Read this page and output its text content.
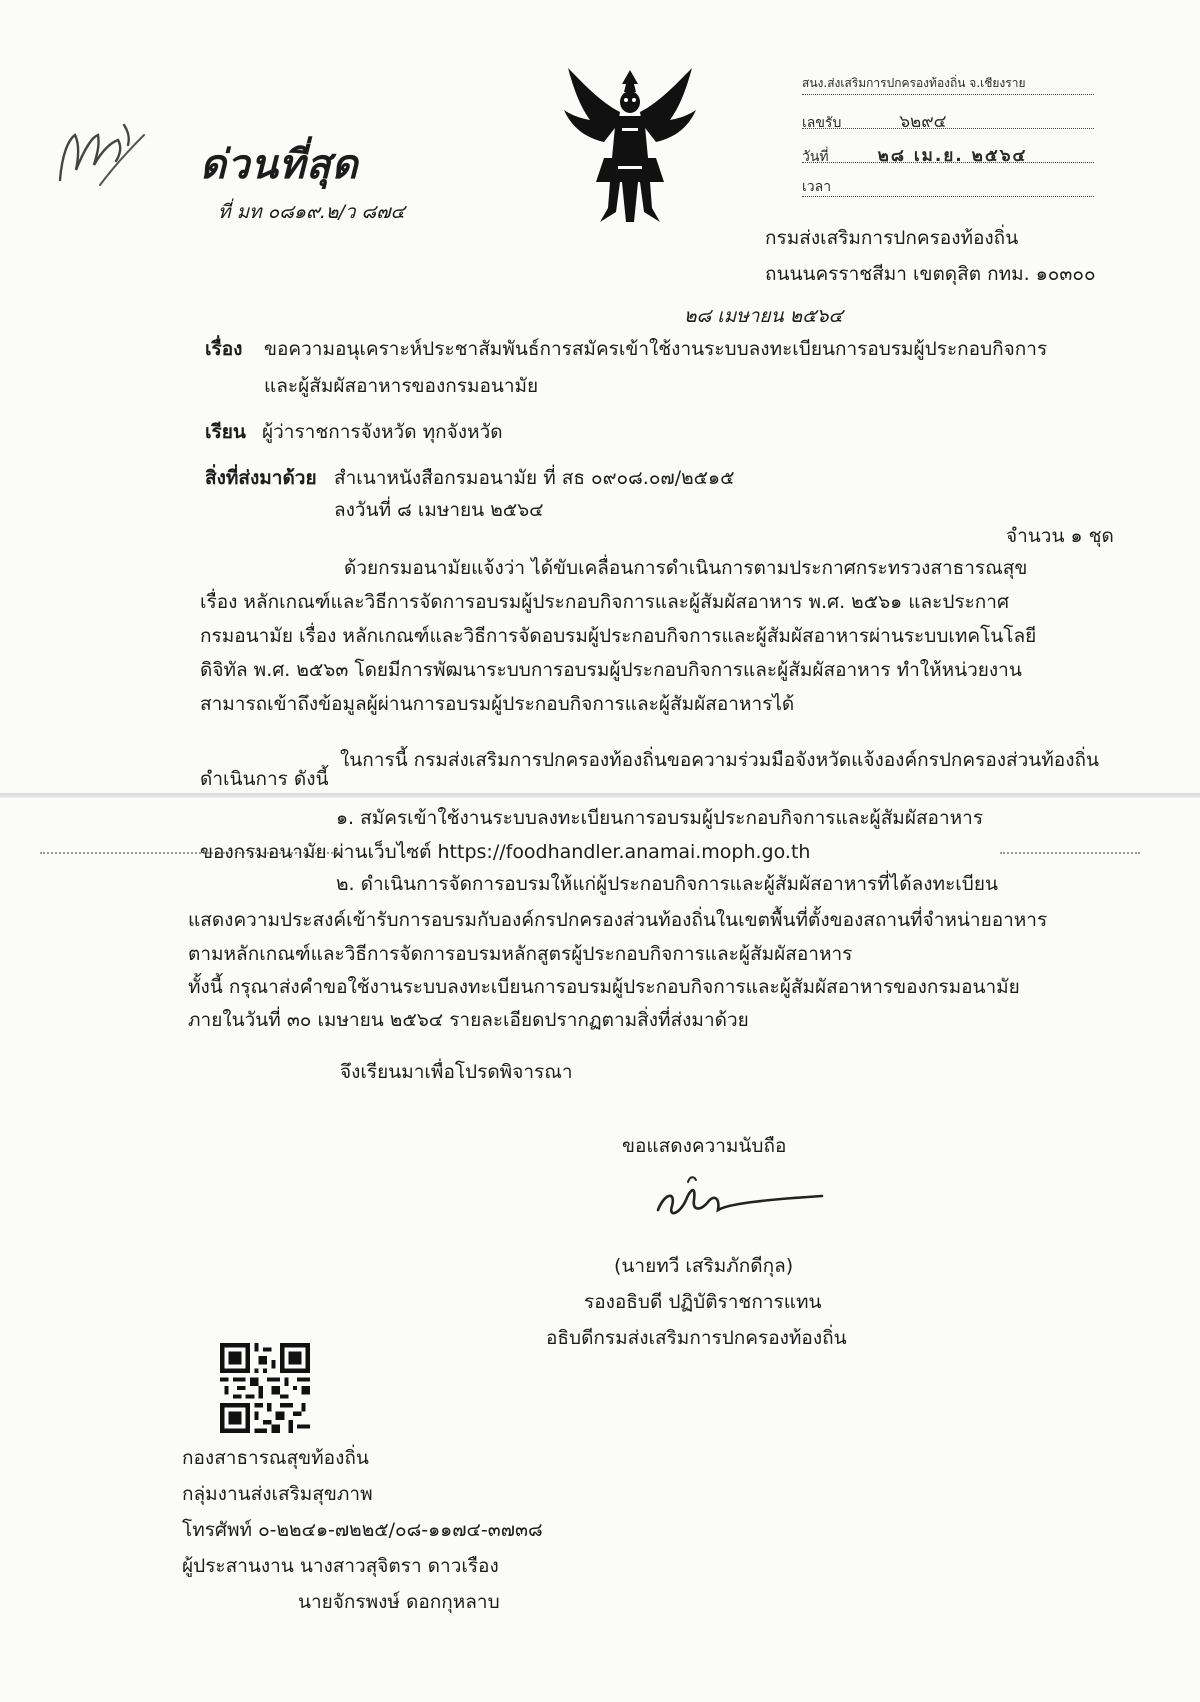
ด่วนที่สุด
ที่ มท ๐๘๑๙.๒/ว ๘๗๔
สนง.ส่งเสริมการปกครองท้องถิ่น จ.เชียงราย
เลขรับ	๖๒๙๔
วันที่	๒๘ เม.ย. ๒๕๖๔
เวลา
กรมส่งเสริมการปกครองท้องถิ่น
ถนนนครราชสีมา เขตดุสิต กทม. ๑๐๓๐๐
๒๘ เมษายน ๒๕๖๔
เรื่อง ขอความอนุเคราะห์ประชาสัมพันธ์การสมัครเข้าใช้งานระบบลงทะเบียนการอบรมผู้ประกอบกิจการ
และผู้สัมผัสอาหารของกรมอนามัย
เรียน ผู้ว่าราชการจังหวัด ทุกจังหวัด
สิ่งที่ส่งมาด้วย สำเนาหนังสือกรมอนามัย ที่ สธ ๐๙๐๘.๐๗/๒๕๑๕
ลงวันที่ ๘ เมษายน ๒๕๖๔
จำนวน ๑ ชุด
ด้วยกรมอนามัยแจ้งว่า ได้ขับเคลื่อนการดำเนินการตามประกาศกระทรวงสาธารณสุข
เรื่อง หลักเกณฑ์และวิธีการจัดการอบรมผู้ประกอบกิจการและผู้สัมผัสอาหาร พ.ศ. ๒๕๖๑ และประกาศ
กรมอนามัย เรื่อง หลักเกณฑ์และวิธีการจัดอบรมผู้ประกอบกิจการและผู้สัมผัสอาหารผ่านระบบเทคโนโลยี
ดิจิทัล พ.ศ. ๒๕๖๓ โดยมีการพัฒนาระบบการอบรมผู้ประกอบกิจการและผู้สัมผัสอาหาร ทำให้หน่วยงาน
สามารถเข้าถึงข้อมูลผู้ผ่านการอบรมผู้ประกอบกิจการและผู้สัมผัสอาหารได้
ในการนี้ กรมส่งเสริมการปกครองท้องถิ่นขอความร่วมมือจังหวัดแจ้งองค์กรปกครองส่วนท้องถิ่น
ดำเนินการ ดังนี้
๑. สมัครเข้าใช้งานระบบลงทะเบียนการอบรมผู้ประกอบกิจการและผู้สัมผัสอาหาร
ของกรมอนามัย ผ่านเว็บไซต์ https://foodhandler.anamai.moph.go.th
๒. ดำเนินการจัดการอบรมให้แก่ผู้ประกอบกิจการและผู้สัมผัสอาหารที่ได้ลงทะเบียน
แสดงความประสงค์เข้ารับการอบรมกับองค์กรปกครองส่วนท้องถิ่นในเขตพื้นที่ตั้งของสถานที่จำหน่ายอาหาร
ตามหลักเกณฑ์และวิธีการจัดการอบรมหลักสูตรผู้ประกอบกิจการและผู้สัมผัสอาหาร
ทั้งนี้ กรุณาส่งคำขอใช้งานระบบลงทะเบียนการอบรมผู้ประกอบกิจการและผู้สัมผัสอาหารของกรมอนามัย
ภายในวันที่ ๓๐ เมษายน ๒๕๖๔ รายละเอียดปรากฏตามสิ่งที่ส่งมาด้วย
จึงเรียนมาเพื่อโปรดพิจารณา
ขอแสดงความนับถือ
(นายทวี เสริมภักดีกุล)
รองอธิบดี ปฏิบัติราชการแทน
อธิบดีกรมส่งเสริมการปกครองท้องถิ่น
กองสาธารณสุขท้องถิ่น
กลุ่มงานส่งเสริมสุขภาพ
โทรศัพท์ ๐-๒๒๔๑-๗๒๒๕/๐๘-๑๑๗๔-๓๗๓๘
ผู้ประสานงาน นางสาวสุจิตรา ดาวเรือง
นายจักรพงษ์ ดอกกุหลาบ
